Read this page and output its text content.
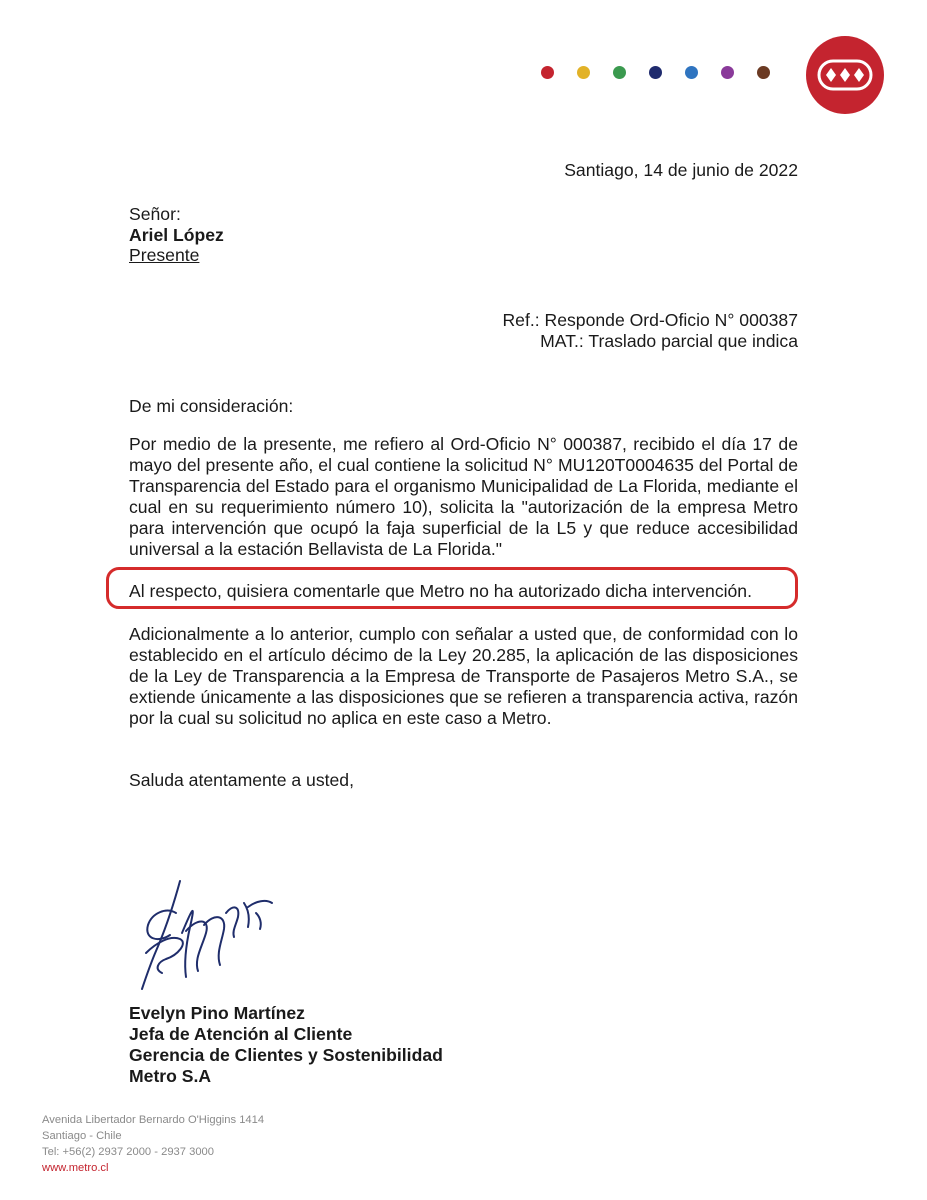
Santiago, 14 de junio de 2022

Señor:

Ariel López

Presente

Ref.: Responde Ord-Oficio N° 000387

MAT.: Traslado parcial que indica

De mi consideración:

Por medio de la presente, me refiero al Ord-Oficio N° 000387, recibido el día 17 de mayo del presente año, el cual contiene la solicitud N° MU120T0004635 del Portal de Transparencia del Estado para el organismo Municipalidad de La Florida, mediante el cual en su requerimiento número 10), solicita la "autorización de la empresa Metro para intervención que ocupó la faja superficial de la L5 y que reduce accesibilidad universal a la estación Bellavista de La Florida."

Al respecto, quisiera comentarle que Metro no ha autorizado dicha intervención.

Adicionalmente a lo anterior, cumplo con señalar a usted que, de conformidad con lo establecido en el artículo décimo de la Ley 20.285, la aplicación de las disposiciones de la Ley de Transparencia a la Empresa de Transporte de Pasajeros Metro S.A., se extiende únicamente a las disposiciones que se refieren a transparencia activa, razón por la cual su solicitud no aplica en este caso a Metro.

Saluda atentamente a usted,

Evelyn Pino Martínez

Jefa de Atención al Cliente

Gerencia de Clientes y Sostenibilidad

Metro S.A

Avenida Libertador Bernardo O'Higgins 1414
Santiago - Chile
Tel: +56(2) 2937 2000 - 2937 3000
www.metro.cl
